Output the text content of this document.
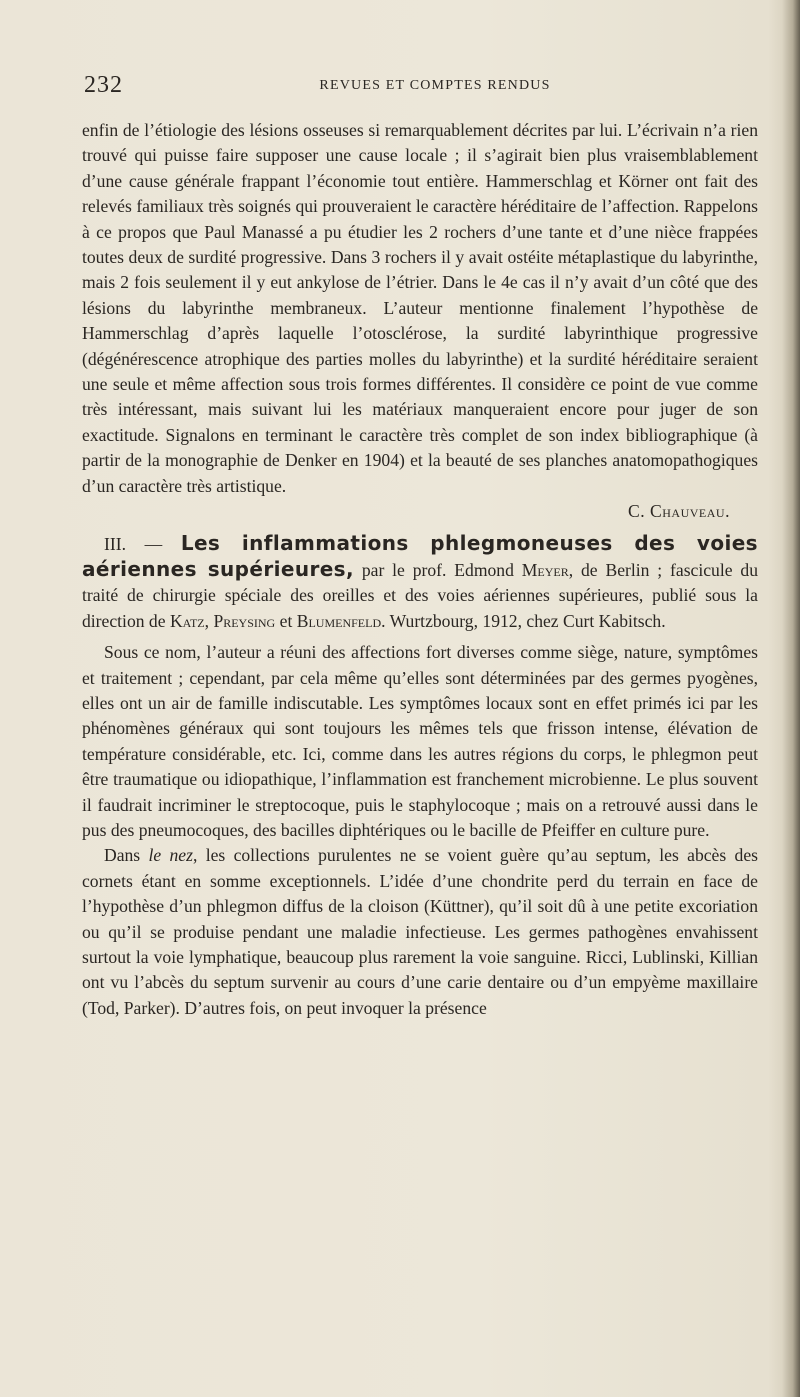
232	REVUES ET COMPTES RENDUS

enfin de l’étiologie des lésions osseuses si remarquablement décrites par lui. L’écrivain n’a rien trouvé qui puisse faire supposer une cause locale ; il s’agirait bien plus vraisemblablement d’une cause générale frappant l’économie tout entière. Hammerschlag et Körner ont fait des relevés familiaux très soignés qui prouveraient le caractère héréditaire de l’affection. Rappelons à ce propos que Paul Manassé a pu étudier les 2 rochers d’une tante et d’une nièce frappées toutes deux de surdité progressive. Dans 3 rochers il y avait ostéite métaplastique du labyrinthe, mais 2 fois seulement il y eut ankylose de l’étrier. Dans le 4e cas il n’y avait d’un côté que des lésions du labyrinthe membraneux. L’auteur mentionne finalement l’hypothèse de Hammerschlag d’après laquelle l’otosclérose, la surdité labyrinthique progressive (dégénérescence atrophique des parties molles du labyrinthe) et la surdité héréditaire seraient une seule et même affection sous trois formes différentes. Il considère ce point de vue comme très intéressant, mais suivant lui les matériaux manqueraient encore pour juger de son exactitude. Signalons en terminant le caractère très complet de son index bibliographique (à partir de la monographie de Denker en 1904) et la beauté de ses planches anatomopathogiques d’un caractère très artistique.

C. Chauveau.

III. — Les inflammations phlegmoneuses des voies aériennes supérieures, par le prof. Edmond Meyer, de Berlin ; fascicule du traité de chirurgie spéciale des oreilles et des voies aériennes supérieures, publié sous la direction de Katz, Preysing et Blumenfeld. Wurtzbourg, 1912, chez Curt Kabitsch.

Sous ce nom, l’auteur a réuni des affections fort diverses comme siège, nature, symptômes et traitement ; cependant, par cela même qu’elles sont déterminées par des germes pyogènes, elles ont un air de famille indiscutable. Les symptômes locaux sont en effet primés ici par les phénomènes généraux qui sont toujours les mêmes tels que frisson intense, élévation de température considérable, etc. Ici, comme dans les autres régions du corps, le phlegmon peut être traumatique ou idiopathique, l’inflammation est franchement microbienne. Le plus souvent il faudrait incriminer le streptocoque, puis le staphylocoque ; mais on a retrouvé aussi dans le pus des pneumocoques, des bacilles diphtériques ou le bacille de Pfeiffer en culture pure.

Dans le nez, les collections purulentes ne se voient guère qu’au septum, les abcès des cornets étant en somme exceptionnels. L’idée d’une chondrite perd du terrain en face de l’hypothèse d’un phlegmon diffus de la cloison (Küttner), qu’il soit dû à une petite excoriation ou qu’il se produise pendant une maladie infectieuse. Les germes pathogènes envahissent surtout la voie lymphatique, beaucoup plus rarement la voie sanguine. Ricci, Lublinski, Killian ont vu l’abcès du septum survenir au cours d’une carie dentaire ou d’un empyème maxillaire (Tod, Parker). D’autres fois, on peut invoquer la présence
